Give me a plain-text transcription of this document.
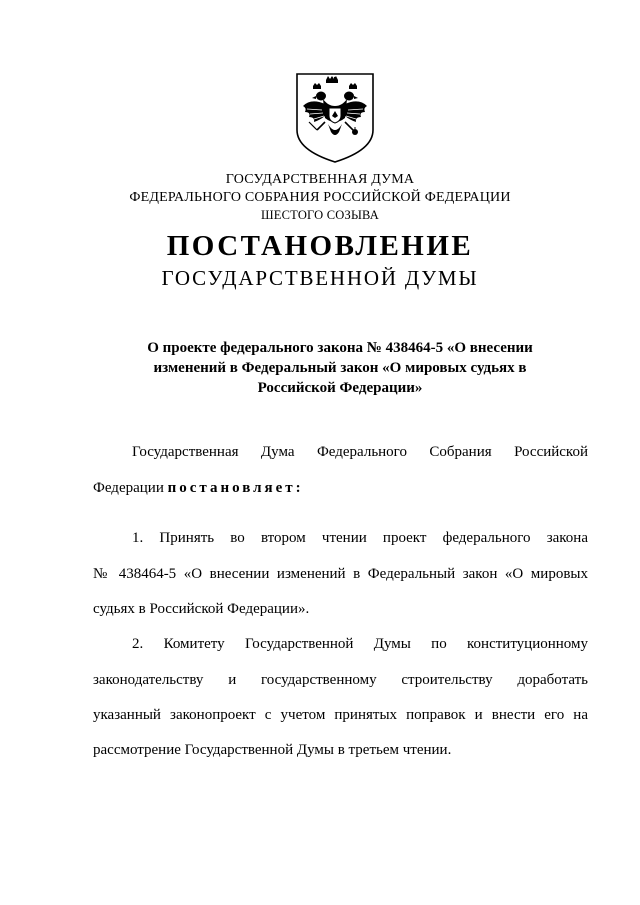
ГОСУДАРСТВЕННАЯ ДУМА
ФЕДЕРАЛЬНОГО СОБРАНИЯ РОССИЙСКОЙ ФЕДЕРАЦИИ
ШЕСТОГО СОЗЫВА
ПОСТАНОВЛЕНИЕ
ГОСУДАРСТВЕННОЙ ДУМЫ
О проекте федерального закона № 438464-5 «О внесении
изменений в Федеральный закон «О мировых судьях в
Российской Федерации»
Государственная Дума Федерального Собрания Российской
Федерации постановляет:
1. Принять во втором чтении проект федерального закона
№ 438464-5 «О внесении изменений в Федеральный закон «О мировых
судьях в Российской Федерации».
2. Комитету Государственной Думы по конституционному
законодательству и государственному строительству доработать
указанный законопроект с учетом принятых поправок и внести его на
рассмотрение Государственной Думы в третьем чтении.
